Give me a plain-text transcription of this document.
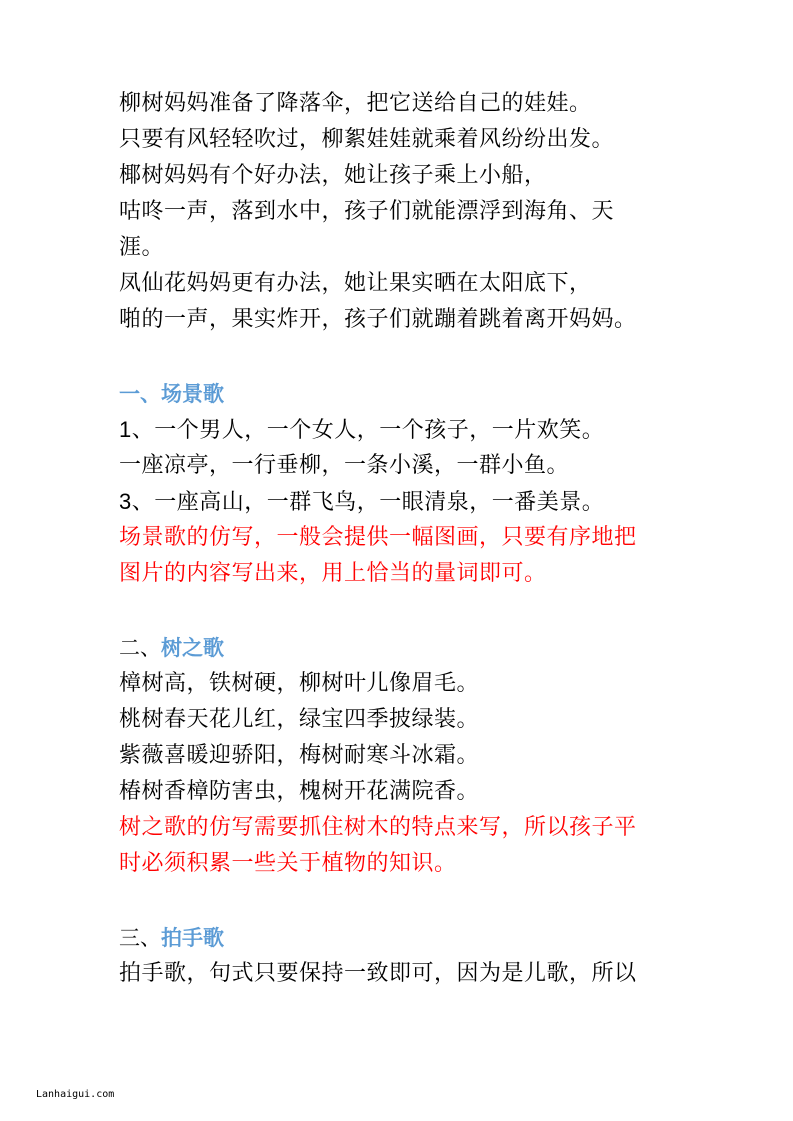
柳树妈妈准备了降落伞，把它送给自己的娃娃。
只要有风轻轻吹过，柳絮娃娃就乘着风纷纷出发。
椰树妈妈有个好办法，她让孩子乘上小船，
咕咚一声，落到水中，孩子们就能漂浮到海角、天
涯。
凤仙花妈妈更有办法，她让果实晒在太阳底下，
啪的一声，果实炸开，孩子们就蹦着跳着离开妈妈。
一、场景歌
1、一个男人，一个女人，一个孩子，一片欢笑。
一座凉亭，一行垂柳，一条小溪，一群小鱼。
3、一座高山，一群飞鸟，一眼清泉，一番美景。
场景歌的仿写，一般会提供一幅图画，只要有序地把
图片的内容写出来，用上恰当的量词即可。
二、树之歌
樟树高，铁树硬，柳树叶儿像眉毛。
桃树春天花儿红，绿宝四季披绿装。
紫薇喜暖迎骄阳，梅树耐寒斗冰霜。
椿树香樟防害虫，槐树开花满院香。
树之歌的仿写需要抓住树木的特点来写，所以孩子平
时必须积累一些关于植物的知识。
三、拍手歌
拍手歌，句式只要保持一致即可，因为是儿歌，所以
Lanhaigui.com
